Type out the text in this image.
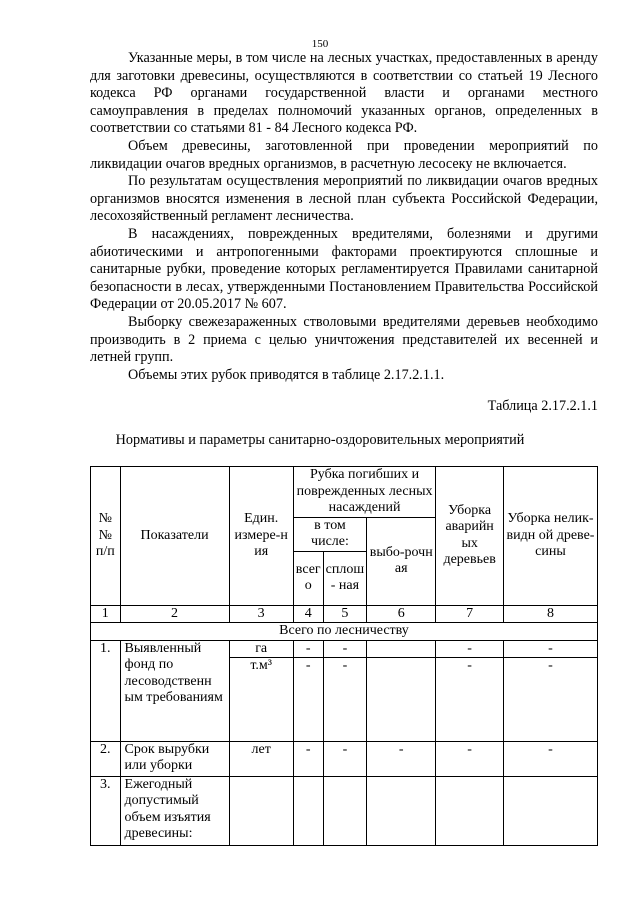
150

Указанные меры, в том числе на лесных участках, предоставленных в аренду для заготовки древесины, осуществляются в соответствии со статьей 19 Лесного кодекса РФ органами государственной власти и органами местного самоуправления в пределах полномочий указанных органов, определенных в соответствии со статьями 81 - 84 Лесного кодекса РФ.

Объем древесины, заготовленной при проведении мероприятий по ликвидации очагов вредных организмов, в расчетную лесосеку не включается.

По результатам осуществления мероприятий по ликвидации очагов вредных организмов вносятся изменения в лесной план субъекта Российской Федерации, лесохозяйственный регламент лесничества.

В насаждениях, поврежденных вредителями, болезнями и другими абиотическими и антропогенными факторами проектируются сплошные и санитарные рубки, проведение которых регламентируется Правилами санитарной безопасности в лесах, утвержденными Постановлением Правительства Российской Федерации от 20.05.2017 № 607.

Выборку свежезараженных стволовыми вредителями деревьев необходимо производить в 2 приема с целью уничтожения представителей их весенней и летней групп.

Объемы этих рубок приводятся в таблице 2.17.2.1.1.

Таблица 2.17.2.1.1
Нормативы и параметры санитарно-оздоровительных мероприятий
№ № п/п	Показатели	Един. измере-н ия	Рубка погибших и поврежденных лесных насаждений			Уборка аварийн ых деревьев	Уборка нелик-видн ой древе-сины
			в том числе:		выбо-рочн ая		
			всег о	сплош - ная			
1	2	3	4	5	6	7	8
Всего по лесничеству							
1.	Выявленный фонд по лесоводственн ым требованиям	га	-	-		-	-
		т.м³	-	-		-	-
2.	Срок вырубки или уборки	лет	-	-	-	-	-
3.	Ежегодный допустимый объем изъятия древесины:						
